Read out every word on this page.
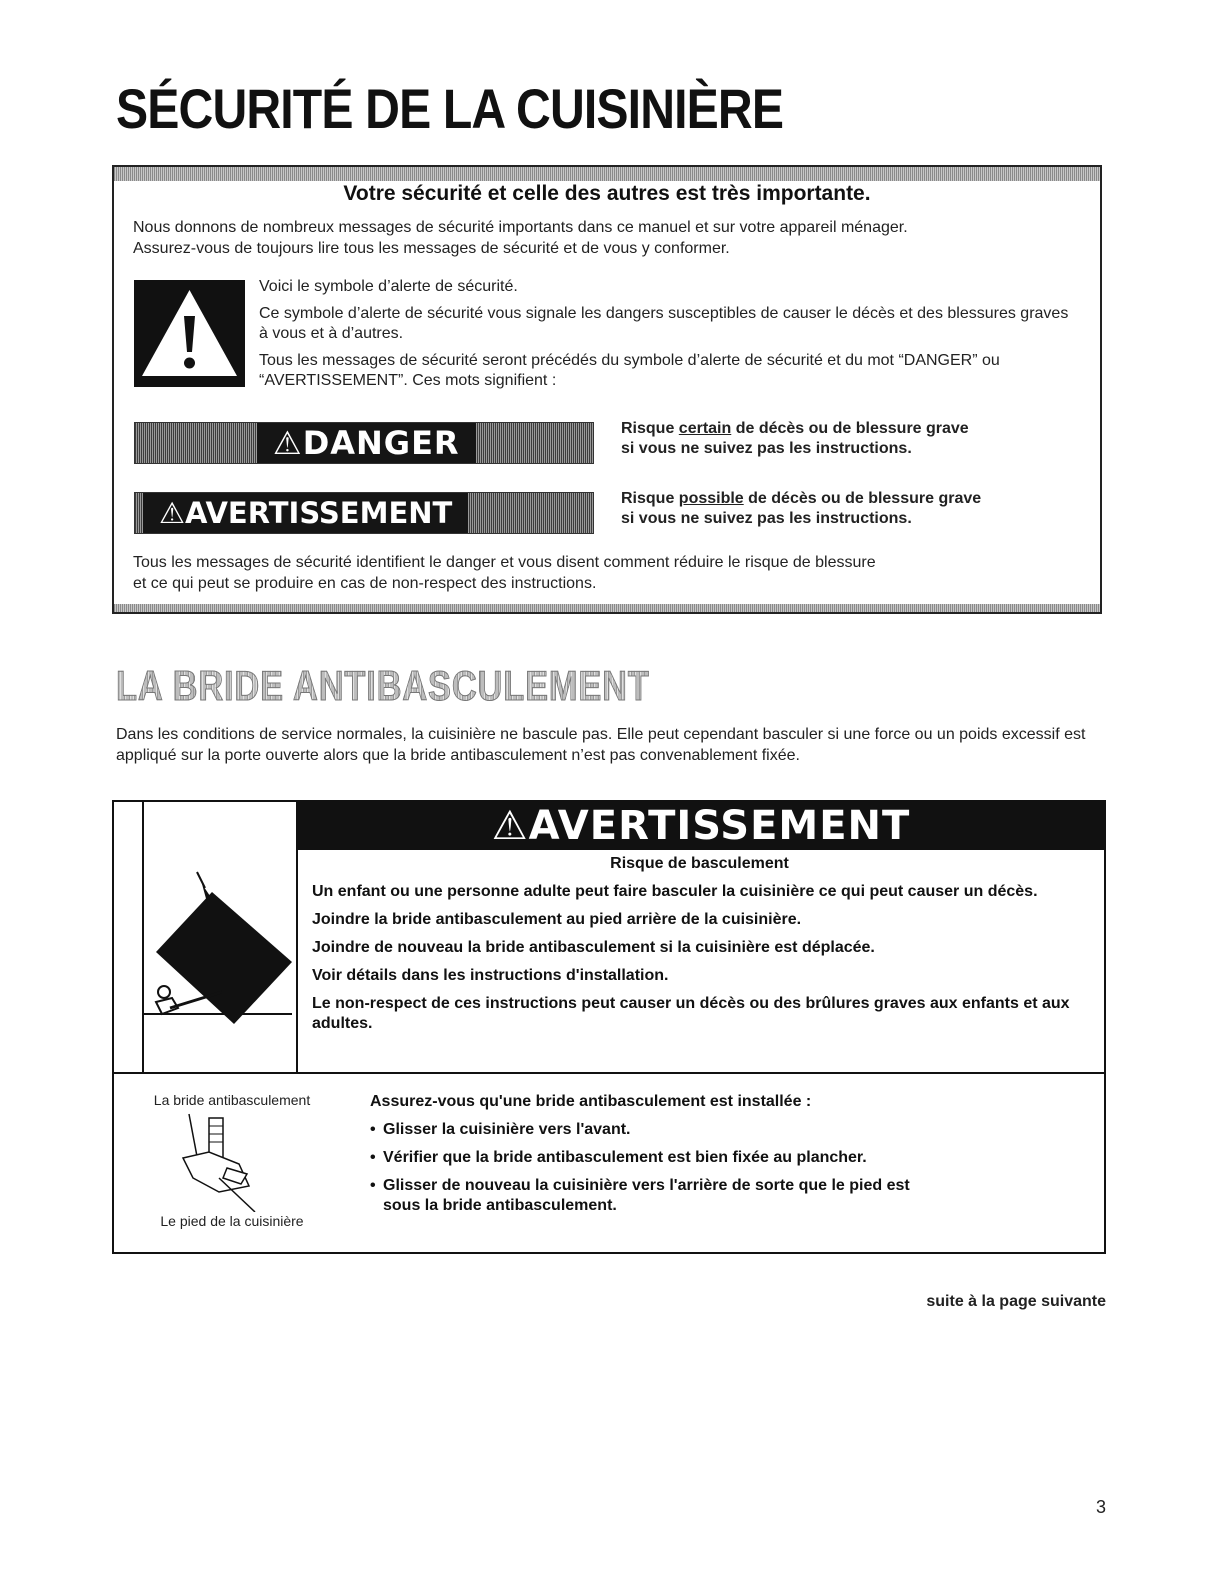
SÉCURITÉ DE LA CUISINIÈRE
Votre sécurité et celle des autres est très importante.
Nous donnons de nombreux messages de sécurité importants dans ce manuel et sur votre appareil ménager.
Assurez-vous de toujours lire tous les messages de sécurité et de vous y conformer.

Voici le symbole d’alerte de sécurité.

Ce symbole d’alerte de sécurité vous signale les dangers susceptibles de causer le décès et des blessures graves à vous et à d’autres.

Tous les messages de sécurité seront précédés du symbole d’alerte de sécurité et du mot “DANGER” ou “AVERTISSEMENT”. Ces mots signifient :

⚠DANGER	Risque certain de décès ou de blessure grave
si vous ne suivez pas les instructions.
⚠AVERTISSEMENT	Risque possible de décès ou de blessure grave
si vous ne suivez pas les instructions.
Tous les messages de sécurité identifient le danger et vous disent comment réduire le risque de blessure
et ce qui peut se produire en cas de non-respect des instructions.
LA BRIDE ANTIBASCULEMENT
Dans les conditions de service normales, la cuisinière ne bascule pas. Elle peut cependant basculer si une force ou un poids excessif est appliqué sur la porte ouverte alors que la bride antibasculement n’est pas convenablement fixée.
⚠AVERTISSEMENT
Risque de basculement

Un enfant ou une personne adulte peut faire basculer la cuisinière ce qui peut causer un décès.

Joindre la bride antibasculement au pied arrière de la cuisinière.

Joindre de nouveau la bride antibasculement si la cuisinière est déplacée.

Voir détails dans les instructions d'installation.

Le non-respect de ces instructions peut causer un décès ou des brûlures graves aux enfants et aux adultes.

La bride antibasculement
Le pied de la cuisinière
Assurez-vous qu'une bride antibasculement est installée :
• Glisser la cuisinière vers l'avant.
• Vérifier que la bride antibasculement est bien fixée au plancher.
• Glisser de nouveau la cuisinière vers l'arrière de sorte que le pied est sous la bride antibasculement.
suite à la page suivante
3
